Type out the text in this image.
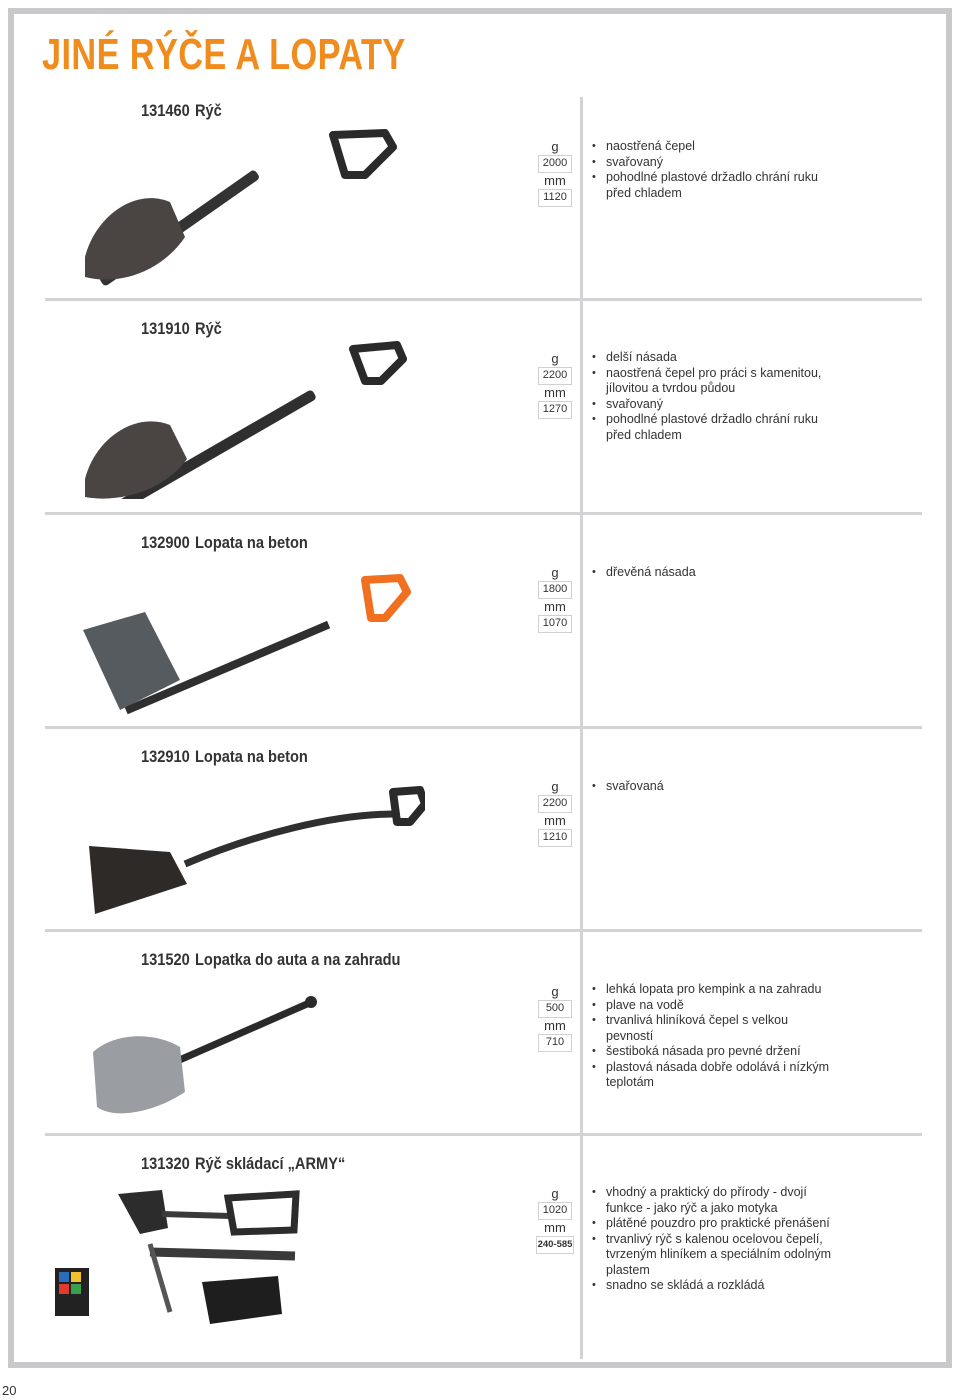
JINÉ RÝČE A LOPATY
131460 Rýč
g
2000
mm
1120
• naostřená čepel
• svařovaný
• pohodlné plastové držadlo chrání ruku před chladem
131910 Rýč
g
2200
mm
1270
• delší násada
• naostřená čepel pro práci s kamenitou, jílovitou a tvrdou půdou
• svařovaný
• pohodlné plastové držadlo chrání ruku před chladem
132900 Lopata na beton
g
1800
mm
1070
• dřevěná násada
132910 Lopata na beton
g
2200
mm
1210
• svařovaná
131520 Lopatka do auta a na zahradu
g
500
mm
710
• lehká lopata pro kempink a na zahradu
• plave na vodě
• trvanlivá hliníková čepel s velkou pevností
• šestiboká násada pro pevné držení
• plastová násada dobře odolává i nízkým teplotám
131320 Rýč skládací „ARMY“
g
1020
mm
240-585
• vhodný a praktický do přírody - dvojí funkce - jako rýč a jako motyka
• plátěné pouzdro pro praktické přenášení
• trvanlivý rýč s kalenou ocelovou čepelí, tvrzeným hliníkem a speciálním odolným plastem
• snadno se skládá a rozkládá
20
